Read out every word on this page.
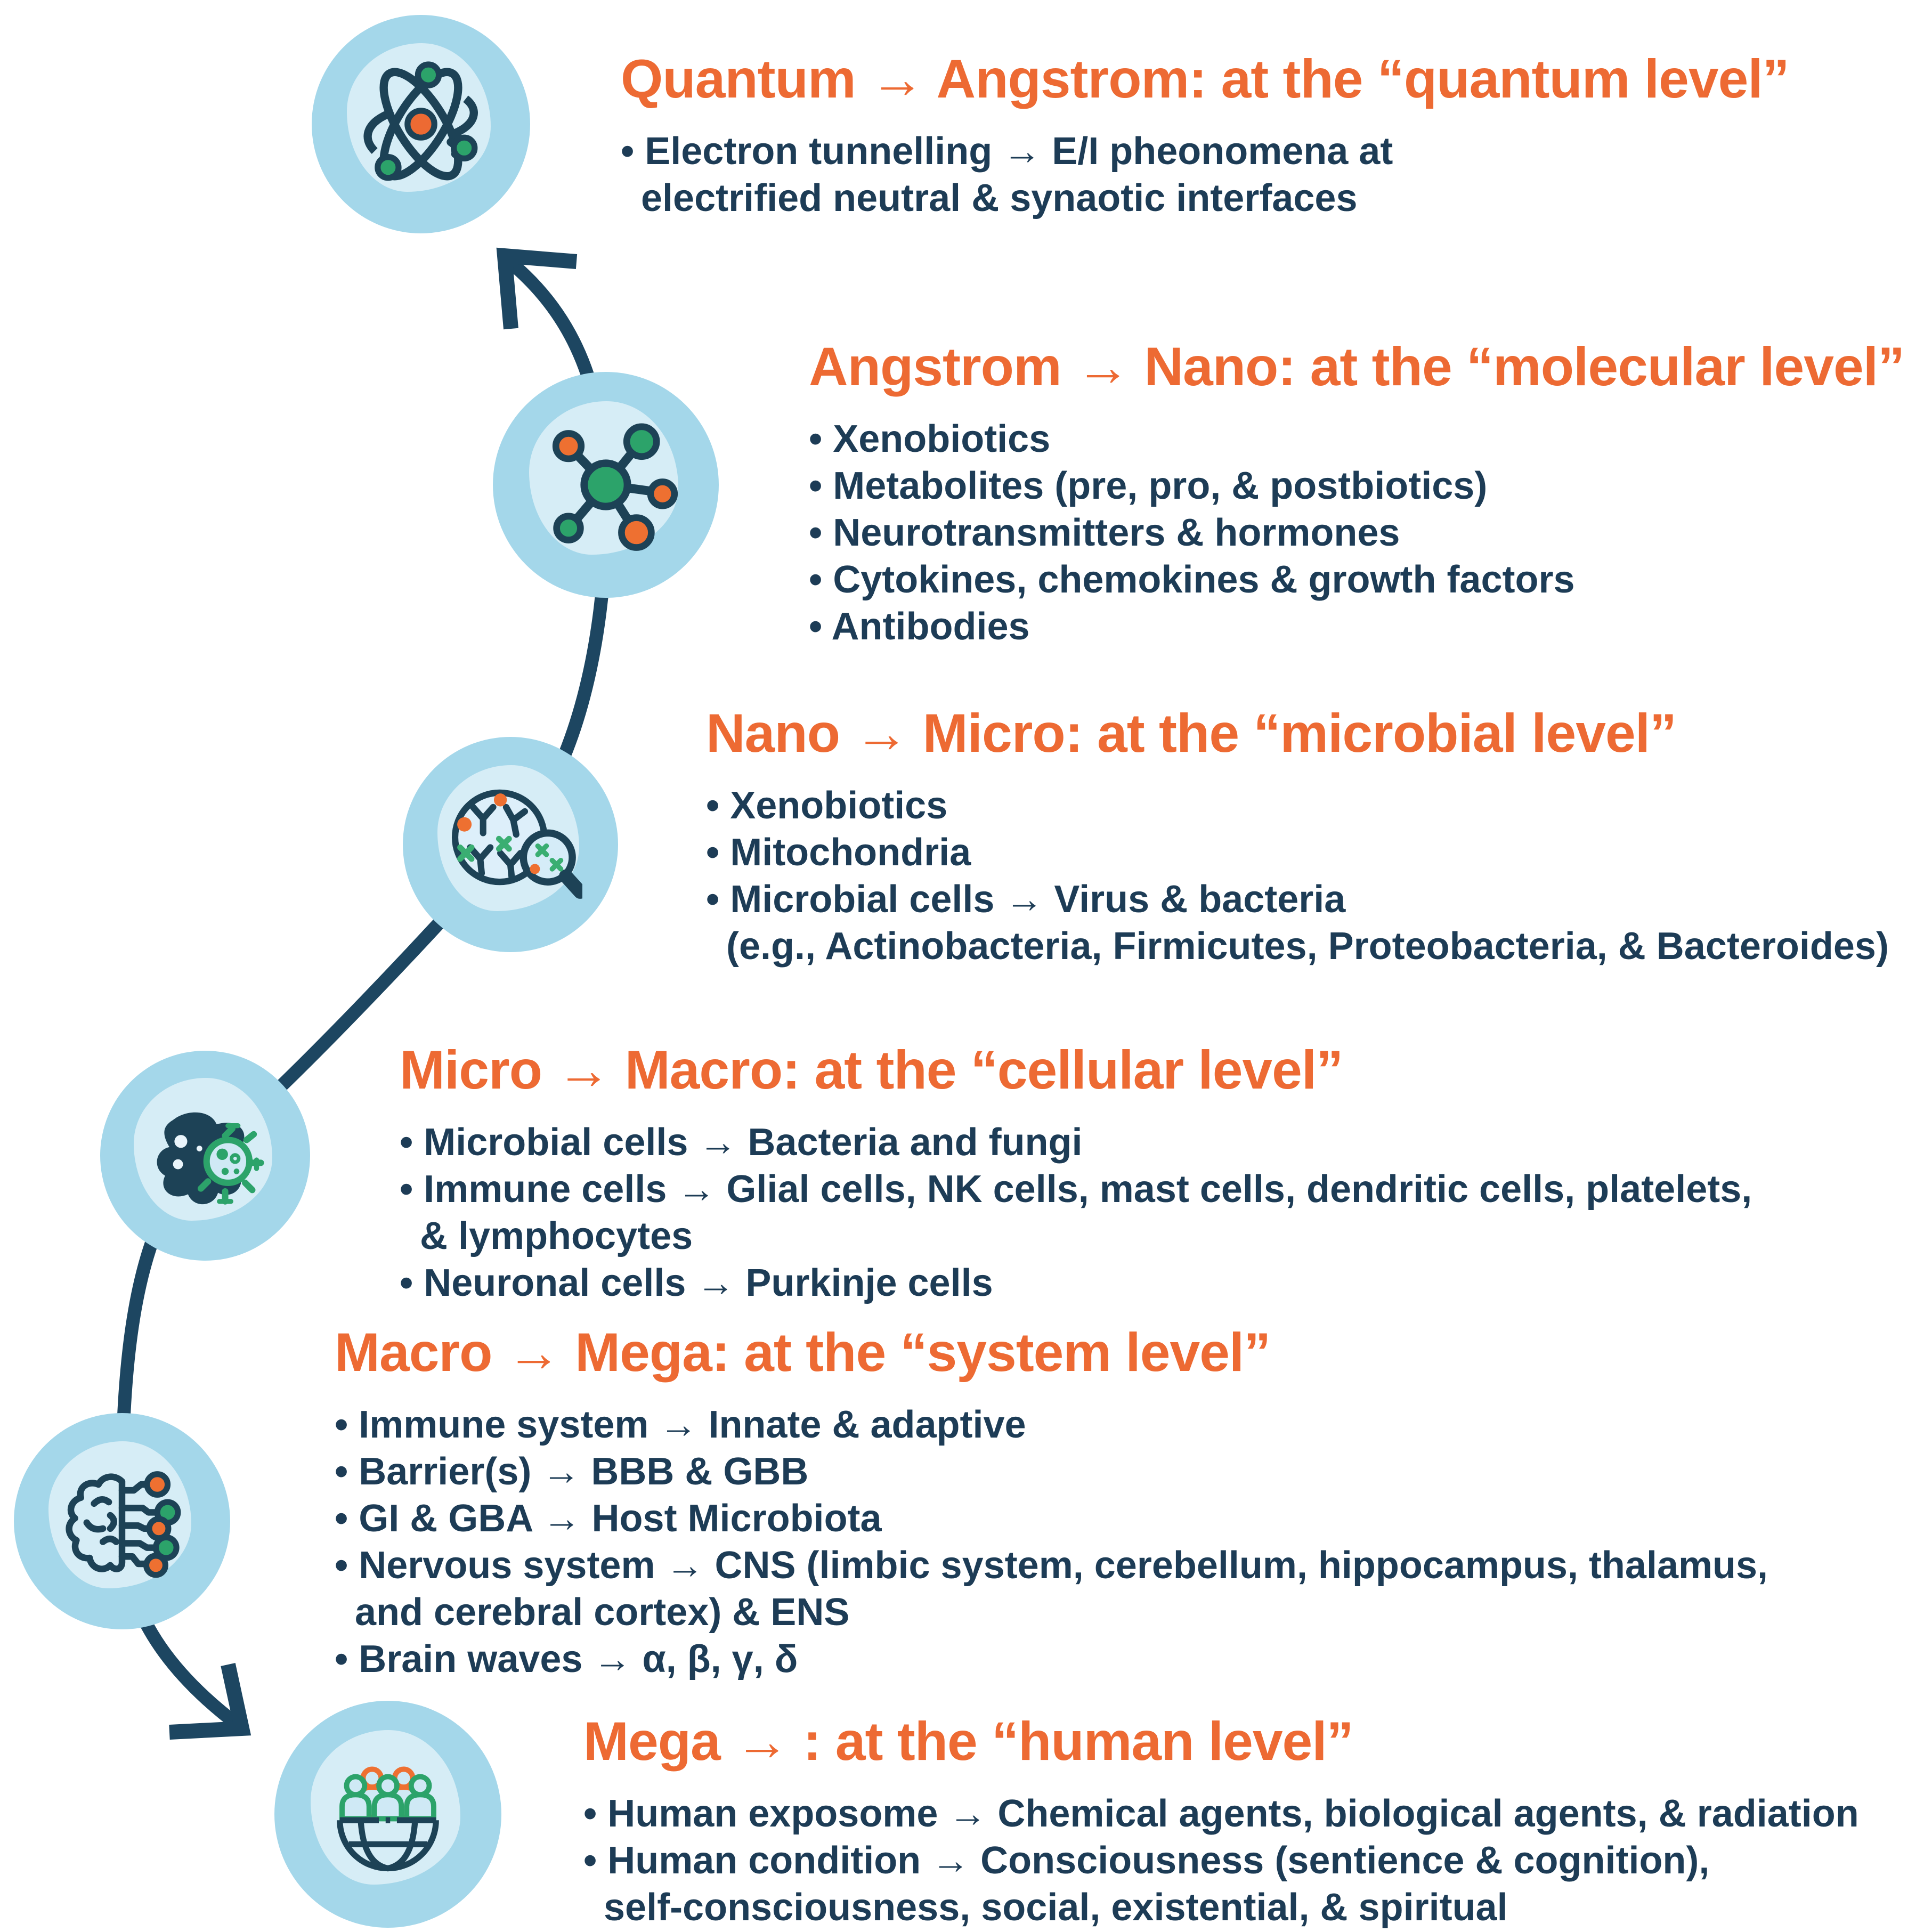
Quantum → Angstrom: at the “quantum level”
• Electron tunnelling → E/I pheonomena at
electrified neutral & synaotic interfaces
Angstrom → Nano: at the “molecular level”
• Xenobiotics
• Metabolites (pre, pro, & postbiotics)
• Neurotransmitters & hormones
• Cytokines, chemokines & growth factors
• Antibodies
Nano → Micro: at the “microbial level”
• Xenobiotics
• Mitochondria
• Microbial cells → Virus & bacteria
(e.g., Actinobacteria, Firmicutes, Proteobacteria, & Bacteroides)
Micro → Macro: at the “cellular level”
• Microbial cells → Bacteria and fungi
• Immune cells → Glial cells, NK cells, mast cells, dendritic cells, platelets,
& lymphocytes
• Neuronal cells → Purkinje cells
Macro → Mega: at the “system level”
• Immune system → Innate & adaptive
• Barrier(s) → BBB & GBB
• GI & GBA → Host Microbiota
• Nervous system → CNS (limbic system, cerebellum, hippocampus, thalamus,
and cerebral cortex) & ENS
• Brain waves → α, β, γ, δ
Mega → : at the “human level”
• Human exposome → Chemical agents, biological agents, & radiation
• Human condition → Consciousness (sentience & cognition),
self-consciousness, social, existential, & spiritual
